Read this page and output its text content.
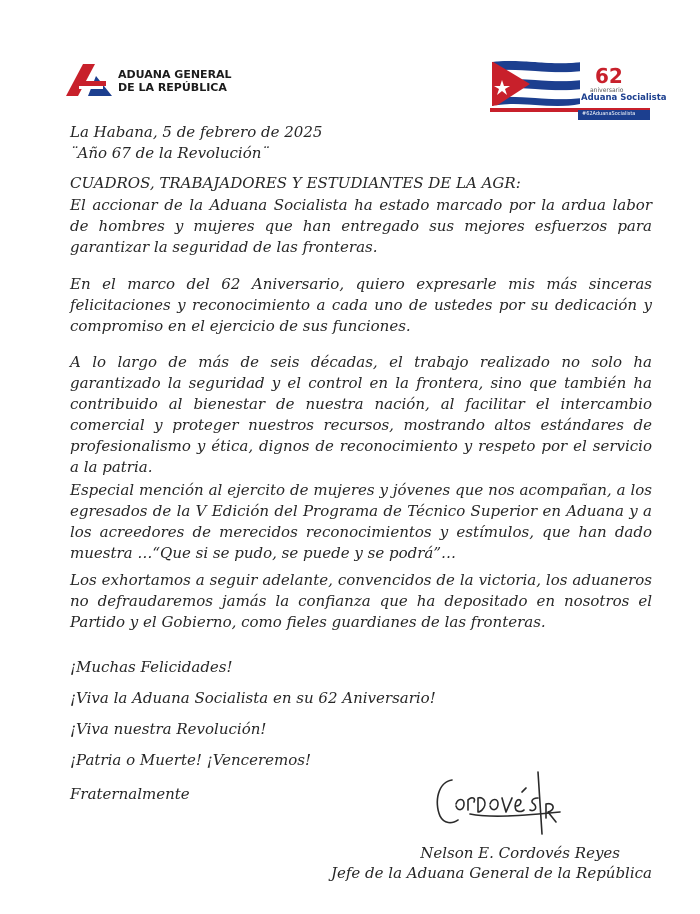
ADUANA GENERAL
DE LA REPÚBLICA	62
aniversario
Aduana Socialista
#62AduanaSocialista

La Habana, 5 de febrero de 2025

¨Año 67 de la Revolución¨

CUADROS, TRABAJADORES Y ESTUDIANTES DE LA AGR:

El accionar de la Aduana Socialista ha estado marcado por la ardua labor de hombres y mujeres que han entregado sus mejores esfuerzos para garantizar la seguridad de las fronteras.

En el marco del 62 Aniversario, quiero expresarle mis más sinceras felicitaciones y reconocimiento a cada uno de ustedes por su dedicación y compromiso en el ejercicio de sus funciones.

A lo largo de más de seis décadas, el trabajo realizado no solo ha garantizado la seguridad y el control en la frontera, sino que también ha contribuido al bienestar de nuestra nación, al facilitar el intercambio comercial y proteger nuestros recursos, mostrando altos estándares de profesionalismo y ética, dignos de reconocimiento y respeto por el servicio a la patria.

Especial mención al ejercito de mujeres y jóvenes que nos acompañan, a los egresados de la V Edición del Programa de Técnico Superior en Aduana y a los acreedores de merecidos reconocimientos y estímulos, que han dado muestra …“Que si se pudo, se puede y se podrá”…

Los exhortamos a seguir adelante, convencidos de la victoria, los aduaneros no defraudaremos jamás la confianza que ha depositado en nosotros el Partido y el Gobierno, como fieles guardianes de las fronteras.

¡Muchas Felicidades!

¡Viva la Aduana Socialista en su 62 Aniversario!

¡Viva nuestra Revolución!

¡Patria o Muerte! ¡Venceremos!

Fraternalmente

Nelson E. Cordovés Reyes

Jefe de la Aduana General de la República
